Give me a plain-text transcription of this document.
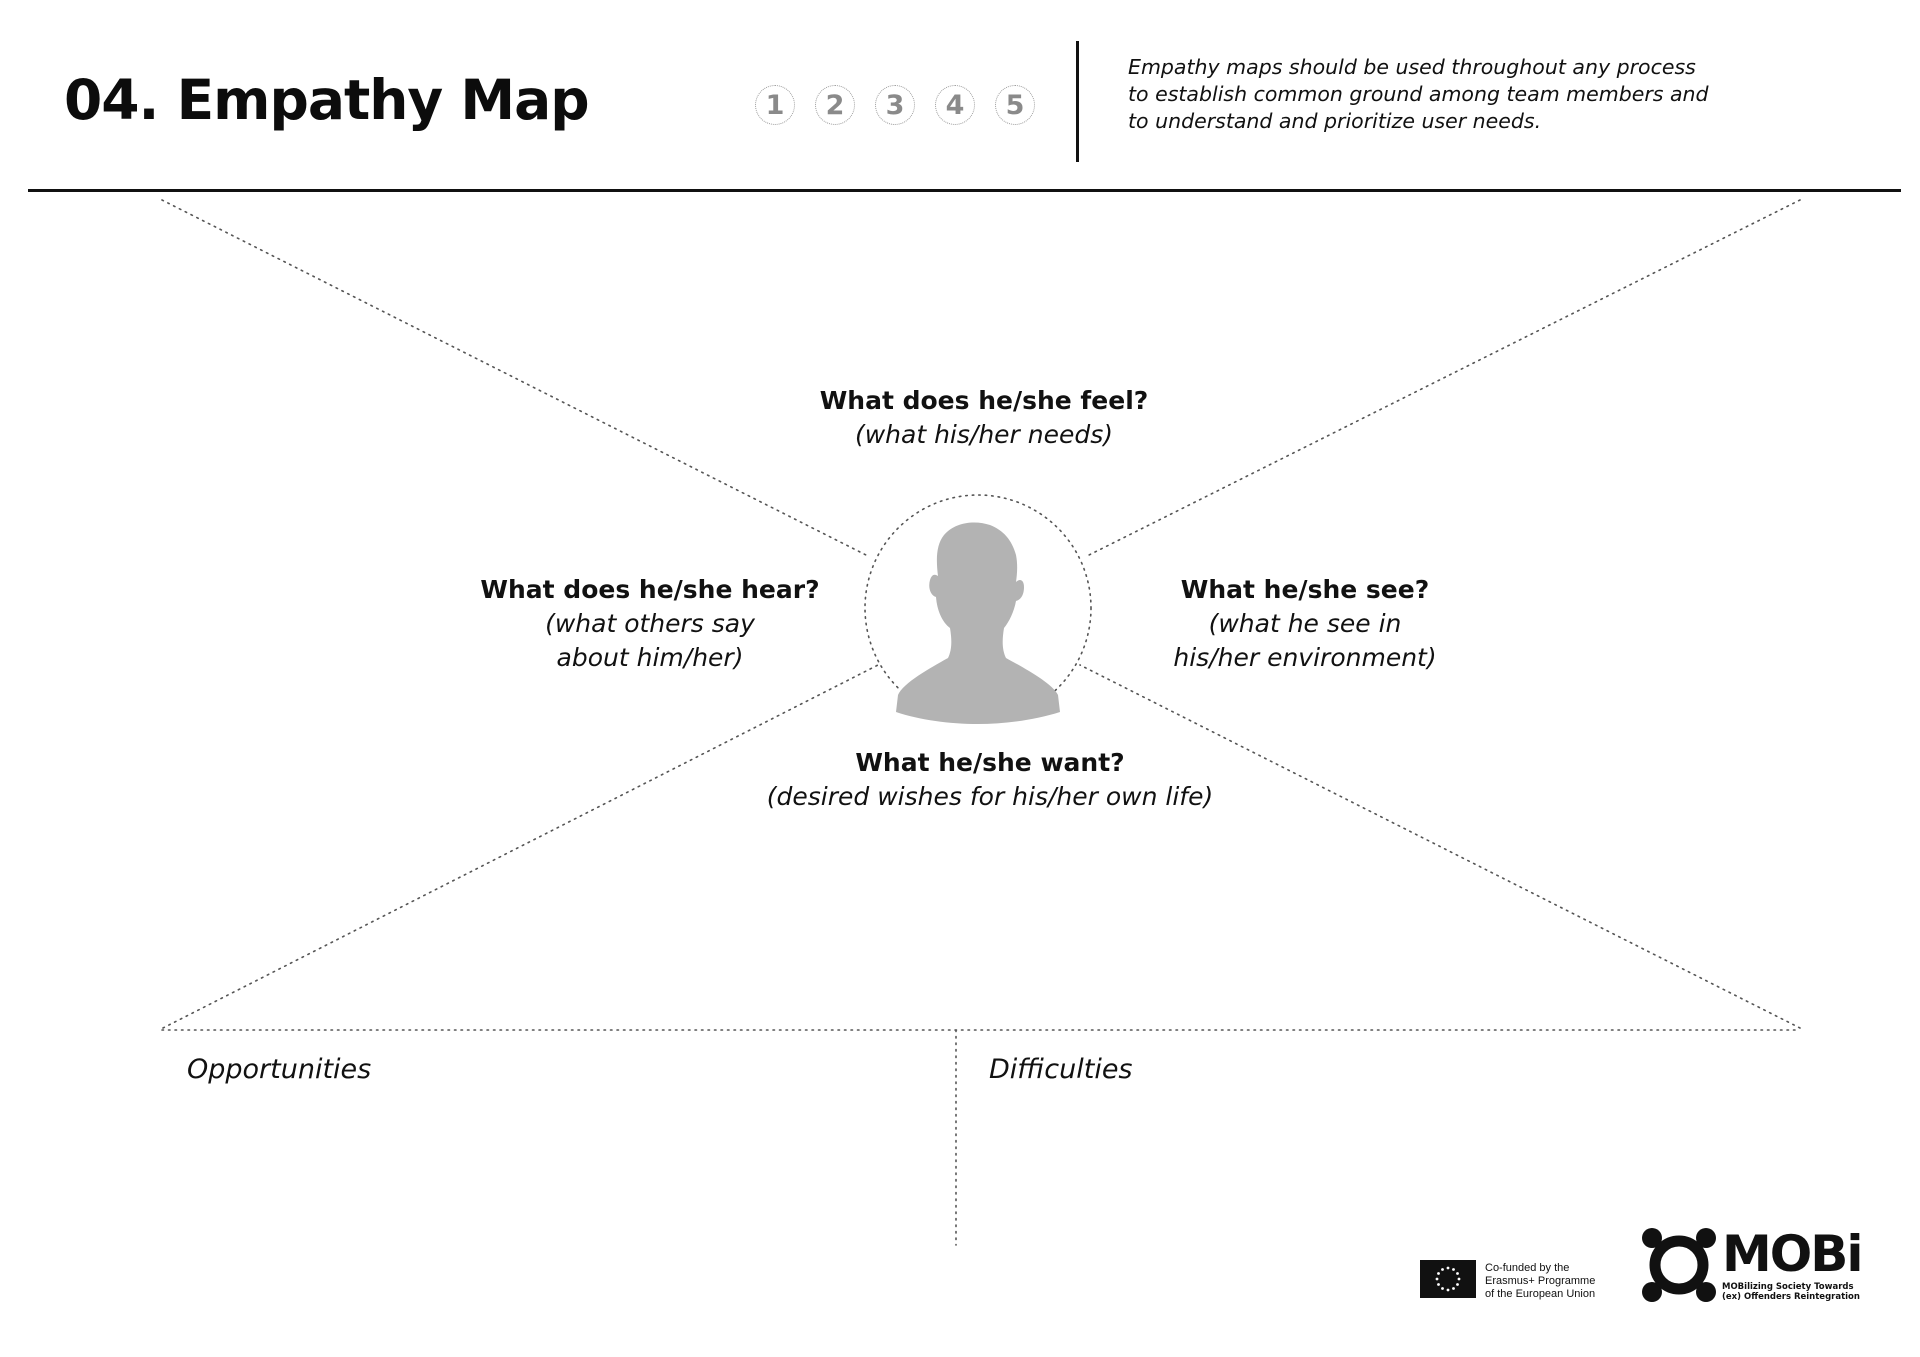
04. Empathy Map	1	2	3	4	5
Empathy maps should be used throughout any process
to establish common ground among team members and
to understand and prioritize user needs.
What does he/she feel?
(what his/her needs)
What does he/she hear?
(what others say
about him/her)
What he/she see?
(what he see in
his/her environment)
What he/she want?
(desired wishes for his/her own life)
Opportunities	Difficulties
Co-funded by the
Erasmus+ Programme
of the European Union
MOBi
MOBilizing Society Towards
(ex) Offenders Reintegration
